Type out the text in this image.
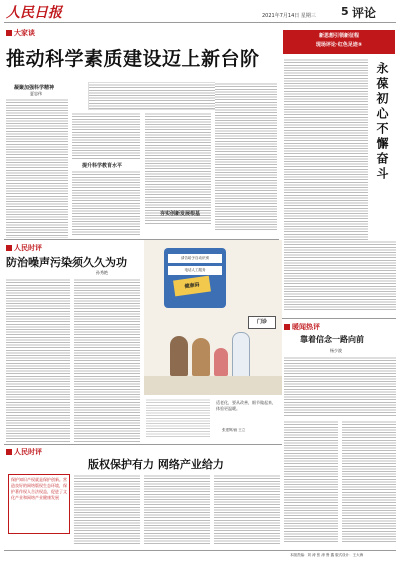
人民日报	2021年7月14日 星期三 5 评论
大家谈
推动科学素质建设迈上新台阶
凝聚加强科学精神
夏忠伟
提升科学教育水平
夯实创新发展根基
新思想引领新征程
现场评论·红色足迹⑨
永葆初心不懈奋斗
人民时评
防治噪声污染须久久为功
孙秀艳
请告给予自动识别
电话人工服务
健康码
门诊
适老化，要从改善，细节做起来，体验更温暖。
张建辉/画 王立
暖闻热评
靠着信念一路向前
杨少波
人民时评
版权保护有力 网络产业给力
保护知识产权就是保护创新。营造良好的网络版权生态环境，保护著作权人合法权益，促进了文化产业和网络产业健康发展
本版责编：刘 涛 张 涛 鲁 鑫 版式设计：王大海
